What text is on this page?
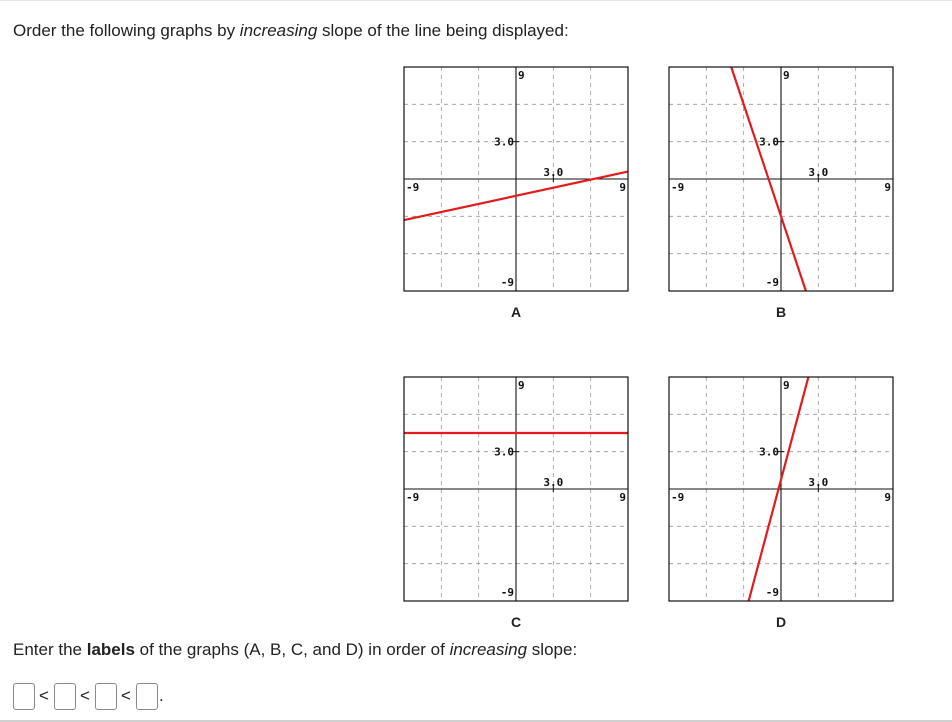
Order the following graphs by increasing slope of the line being displayed:
-9	9
9
-9
3.0
3.0
A
-9	9
9
-9
3.0
3.0
B
-9	9
9
-9
3.0
3.0
C
-9	9
9
-9
3.0
3.0
D
Enter the labels of the graphs (A, B, C, and D) in order of increasing slope:
< < < .
